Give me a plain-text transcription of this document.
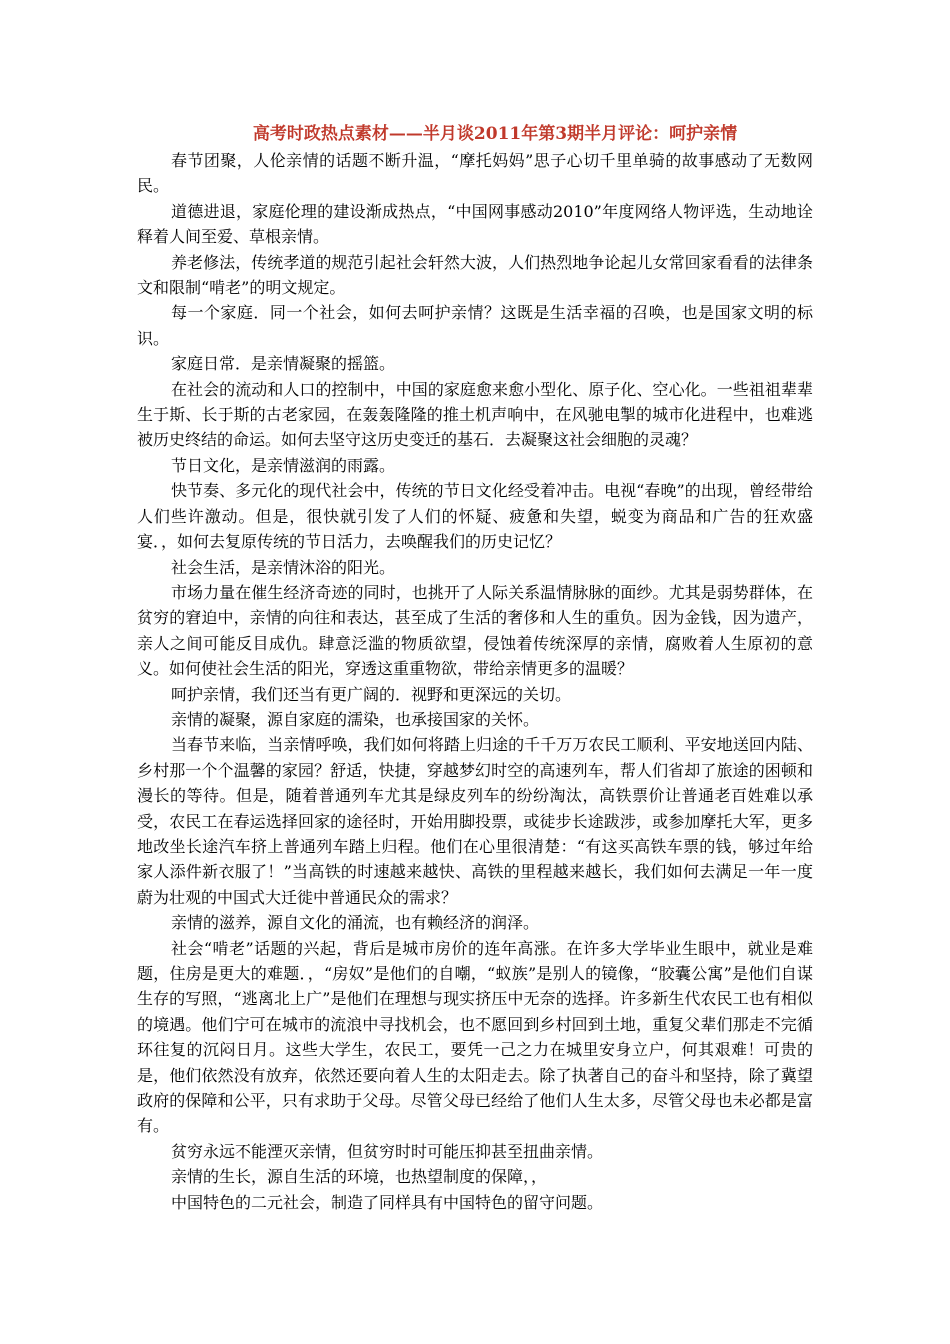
高考时政热点素材——半月谈2011年第3期半月评论：呵护亲情

春节团聚，人伦亲情的话题不断升温，“摩托妈妈”思子心切千里单骑的故事感动了无数网民。

道德进退，家庭伦理的建设渐成热点，“中国网事感动2010”年度网络人物评选，生动地诠释着人间至爱、草根亲情。

养老修法，传统孝道的规范引起社会轩然大波，人们热烈地争论起儿女常回家看看的法律条文和限制“啃老”的明文规定。

每一个家庭．同一个社会，如何去呵护亲情？这既是生活幸福的召唤，也是国家文明的标识。

家庭日常．是亲情凝聚的摇篮。

在社会的流动和人口的控制中，中国的家庭愈来愈小型化、原子化、空心化。一些祖祖辈辈生于斯、长于斯的古老家园，在轰轰隆隆的推土机声响中，在风驰电掣的城市化进程中，也难逃被历史终结的命运。如何去坚守这历史变迁的基石．去凝聚这社会细胞的灵魂？

节日文化，是亲情滋润的雨露。

快节奏、多元化的现代社会中，传统的节日文化经受着冲击。电视“春晚”的出现，曾经带给人们些许激动。但是，很快就引发了人们的怀疑、疲惫和失望，蜕变为商品和广告的狂欢盛宴．，如何去复原传统的节日活力，去唤醒我们的历史记忆？

社会生活，是亲情沐浴的阳光。

市场力量在催生经济奇迹的同时，也挑开了人际关系温情脉脉的面纱。尤其是弱势群体，在贫穷的窘迫中，亲情的向往和表达，甚至成了生活的奢侈和人生的重负。因为金钱，因为遗产，亲人之间可能反目成仇。肆意泛滥的物质欲望，侵蚀着传统深厚的亲情，腐败着人生原初的意义。如何使社会生活的阳光，穿透这重重物欲，带给亲情更多的温暖？

呵护亲情，我们还当有更广阔的．视野和更深远的关切。

亲情的凝聚，源自家庭的濡染，也承接国家的关怀。

当春节来临，当亲情呼唤，我们如何将踏上归途的千千万万农民工顺利、平安地送回内陆、乡村那一个个温馨的家园？舒适，快捷，穿越梦幻时空的高速列车，帮人们省却了旅途的困顿和漫长的等待。但是，随着普通列车尤其是绿皮列车的纷纷淘汰，高铁票价让普通老百姓难以承受，农民工在春运选择回家的途径时，开始用脚投票，或徒步长途跋涉，或参加摩托大军，更多地改坐长途汽车挤上普通列车踏上归程。他们在心里很清楚：“有这买高铁车票的钱，够过年给家人添件新衣服了！”当高铁的时速越来越快、高铁的里程越来越长，我们如何去满足一年一度蔚为壮观的中国式大迁徙中普通民众的需求？

亲情的滋养，源自文化的涌流，也有赖经济的润泽。

社会“啃老”话题的兴起，背后是城市房价的连年高涨。在许多大学毕业生眼中，就业是难题，住房是更大的难题．，“房奴”是他们的自嘲，“蚁族”是别人的镜像，“胶囊公寓”是他们自谋生存的写照，“逃离北上广”是他们在理想与现实挤压中无奈的选择。许多新生代农民工也有相似的境遇。他们宁可在城市的流浪中寻找机会，也不愿回到乡村回到土地，重复父辈们那走不完循环往复的沉闷日月。这些大学生，农民工，要凭一己之力在城里安身立户，何其艰难！可贵的是，他们依然没有放弃，依然还要向着人生的太阳走去。除了执著自己的奋斗和坚持，除了冀望政府的保障和公平，只有求助于父母。尽管父母已经给了他们人生太多，尽管父母也未必都是富有。

贫穷永远不能湮灭亲情，但贫穷时时可能压抑甚至扭曲亲情。

亲情的生长，源自生活的环境，也热望制度的保障，，

中国特色的二元社会，制造了同样具有中国特色的留守问题。
